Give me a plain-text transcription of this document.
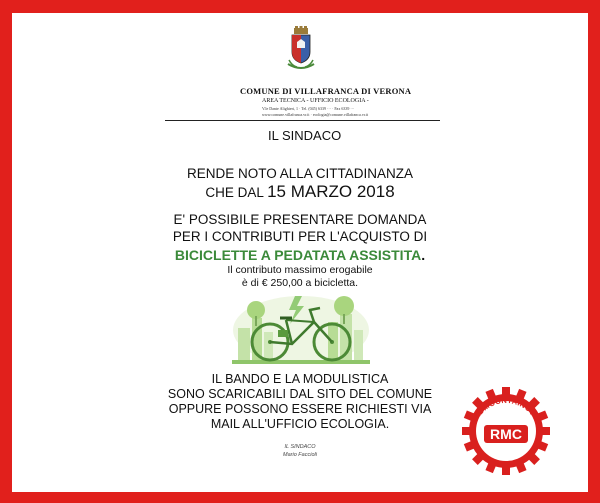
COMUNE DI VILLAFRANCA DI VERONA
AREA TECNICA - UFFICIO ECOLOGIA -
V.le Dante Alighieri, 1 · Tel. (045) 6339 ··· · Fax 6339 ···
www.comune.villafranca.vr.it · ecologia@comune.villafranca.vr.it
IL SINDACO
RENDE NOTO ALLA CITTADINANZA
CHE DAL 15 MARZO 2018
E' POSSIBILE PRESENTARE DOMANDA
PER I CONTRIBUTI PER L'ACQUISTO DI
BICICLETTE A PEDATATA ASSISTITA.
Il contributo massimo erogabile
è di € 250,00 a bicicletta.
IL BANDO E LA MODULISTICA
SONO SCARICABILI DAL SITO DEL COMUNE
OPPURE POSSONO ESSERE RICHIESTI VIA
MAIL ALL'UFFICIO ECOLOGIA.
IL SINDACO
Mario Faccioli
ROADMOUNTAINCYCLE
RMC
